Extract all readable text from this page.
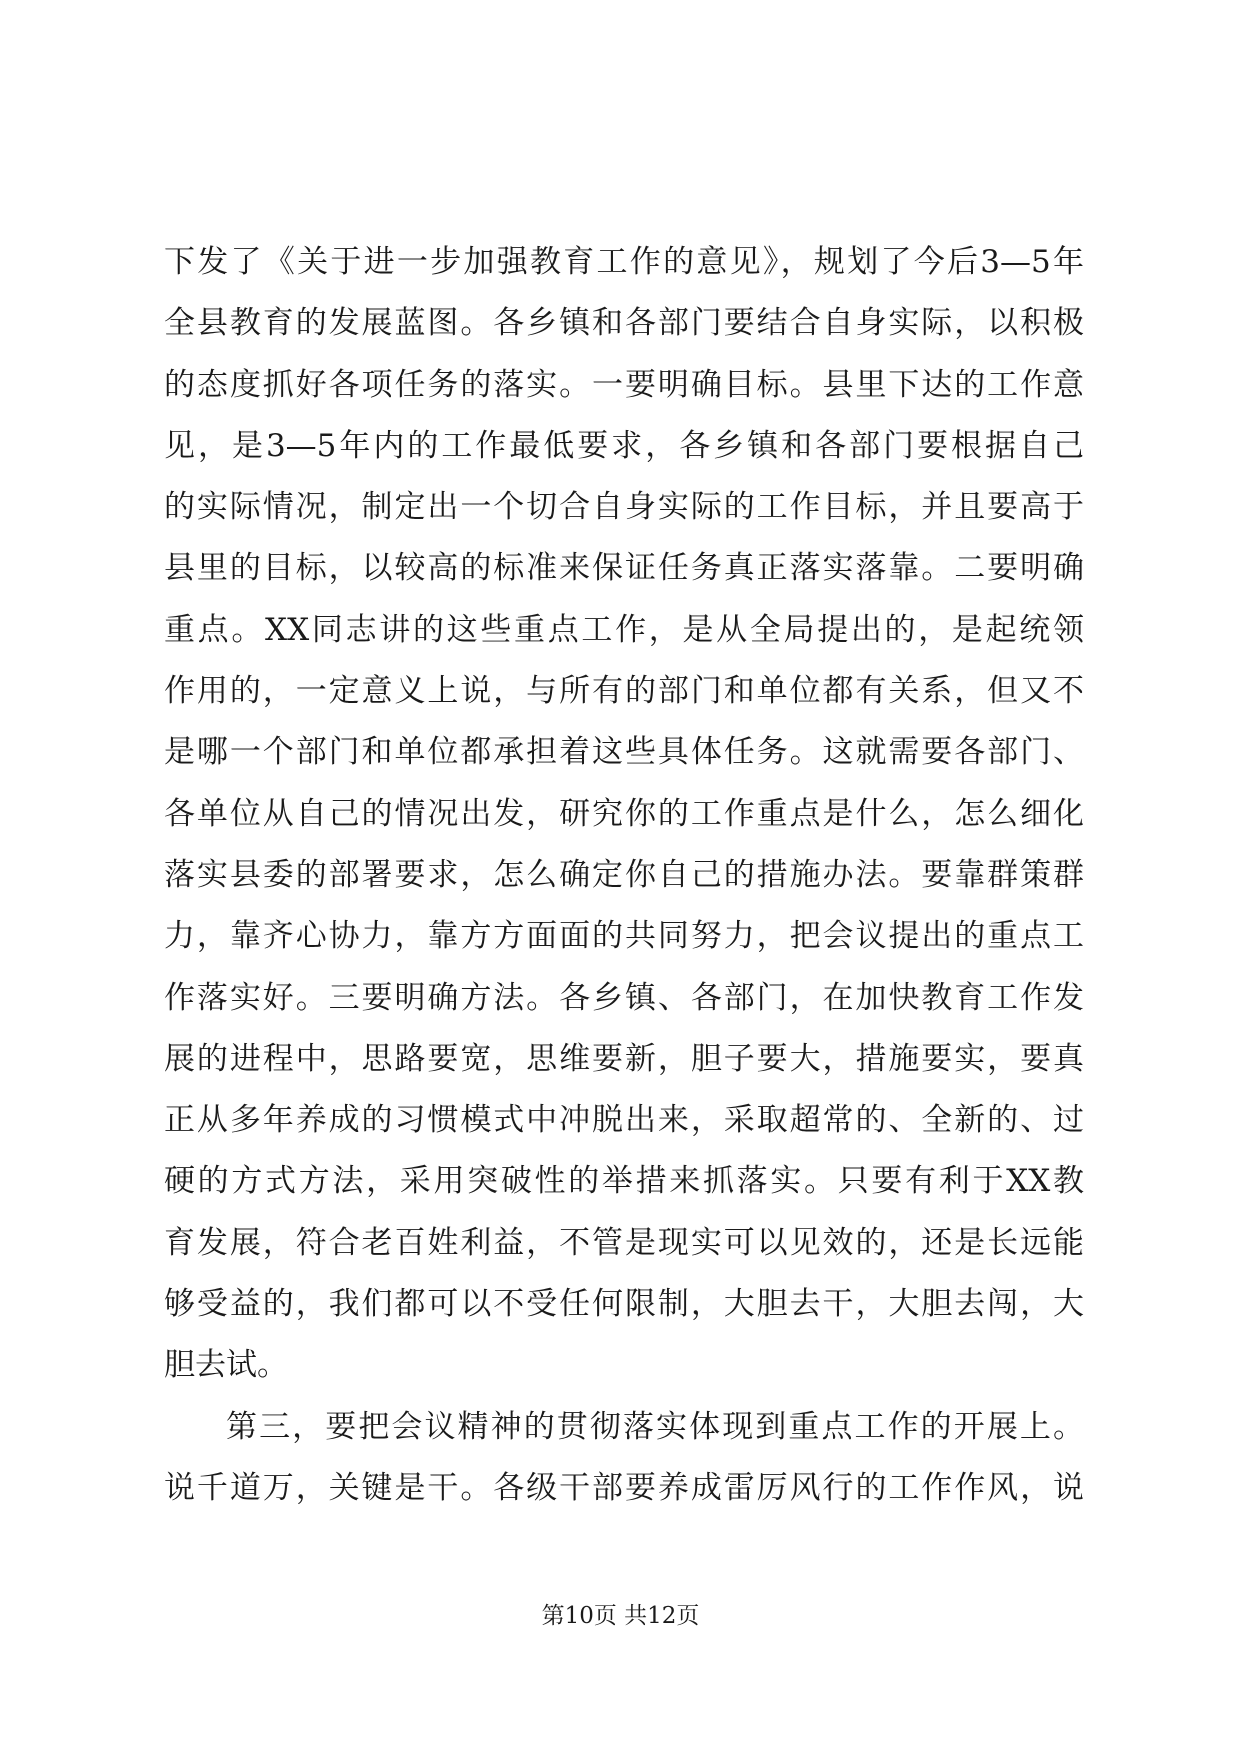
下发了《关于进一步加强教育工作的意见》，规划了今后3—5年
全县教育的发展蓝图。各乡镇和各部门要结合自身实际，以积极
的态度抓好各项任务的落实。一要明确目标。县里下达的工作意
见，是3—5年内的工作最低要求，各乡镇和各部门要根据自己
的实际情况，制定出一个切合自身实际的工作目标，并且要高于
县里的目标，以较高的标准来保证任务真正落实落靠。二要明确
重点。XX同志讲的这些重点工作，是从全局提出的，是起统领
作用的，一定意义上说，与所有的部门和单位都有关系，但又不
是哪一个部门和单位都承担着这些具体任务。这就需要各部门、
各单位从自己的情况出发，研究你的工作重点是什么，怎么细化
落实县委的部署要求，怎么确定你自己的措施办法。要靠群策群
力，靠齐心协力，靠方方面面的共同努力，把会议提出的重点工
作落实好。三要明确方法。各乡镇、各部门，在加快教育工作发
展的进程中，思路要宽，思维要新，胆子要大，措施要实，要真
正从多年养成的习惯模式中冲脱出来，采取超常的、全新的、过
硬的方式方法，采用突破性的举措来抓落实。只要有利于XX教
育发展，符合老百姓利益，不管是现实可以见效的，还是长远能
够受益的，我们都可以不受任何限制，大胆去干，大胆去闯，大
胆去试。
第三，要把会议精神的贯彻落实体现到重点工作的开展上。
说千道万，关键是干。各级干部要养成雷厉风行的工作作风，说
第10页 共12页
